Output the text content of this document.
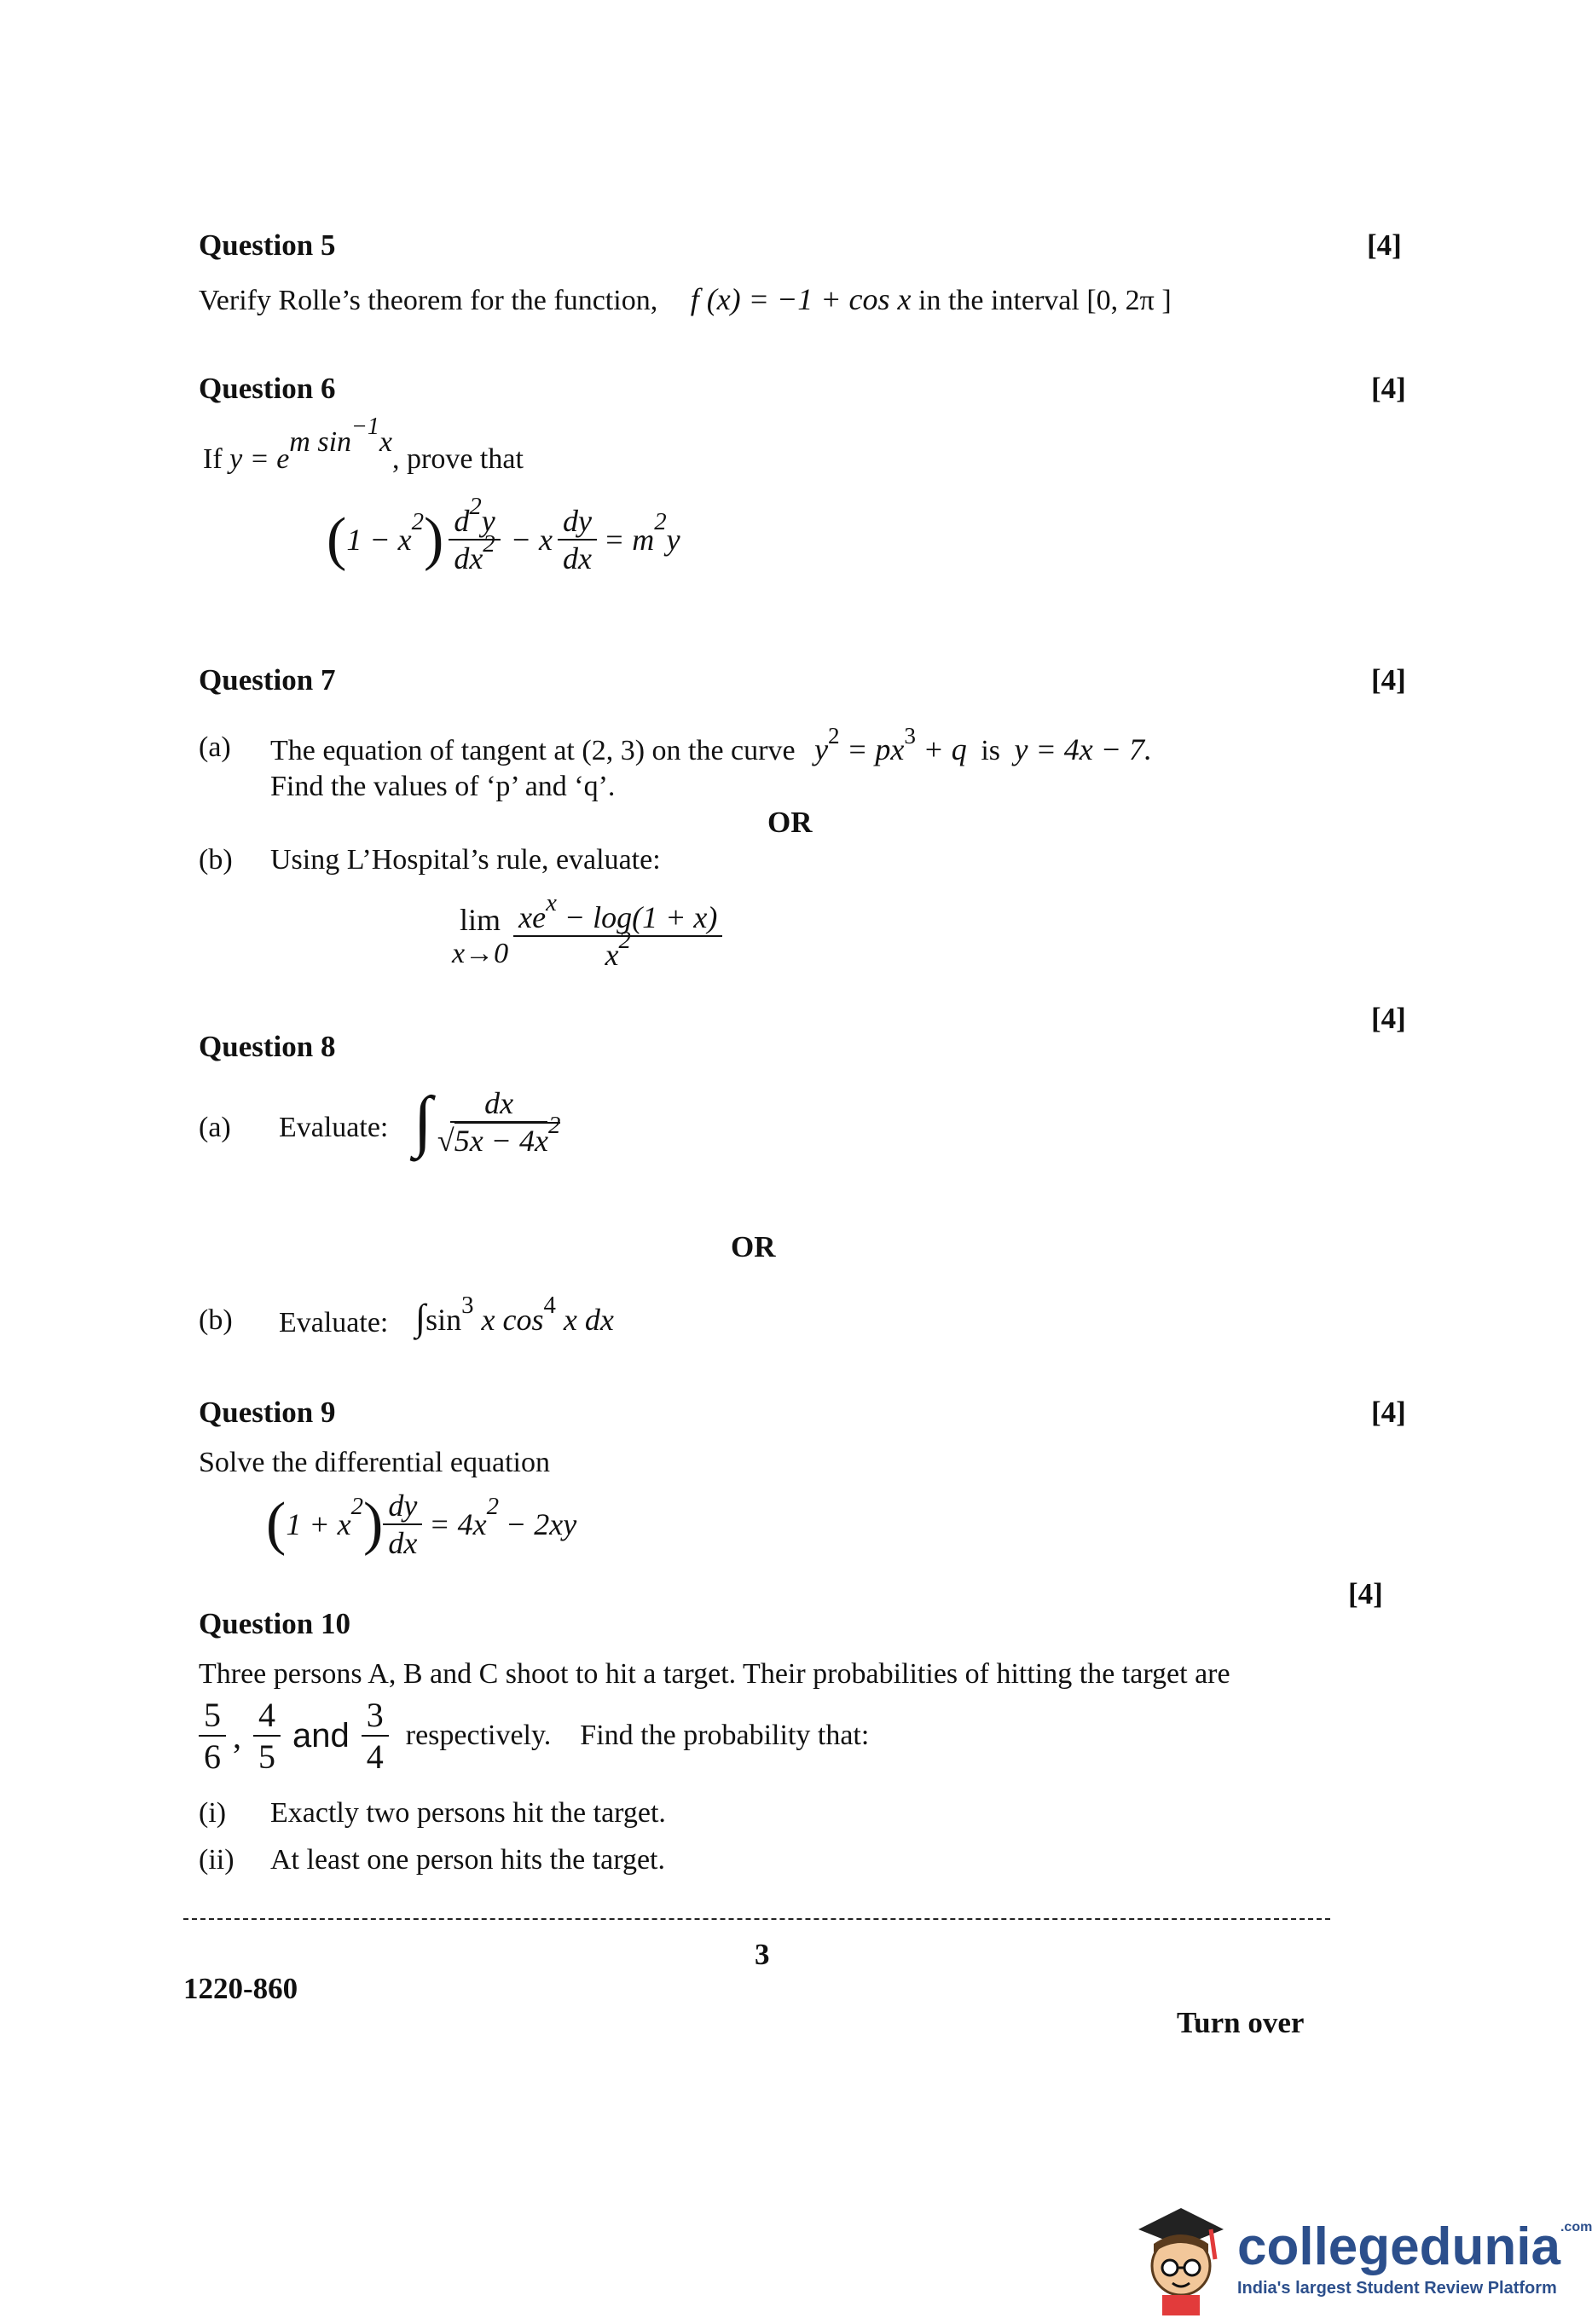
Question 5	[4]
Verify Rolle’s theorem for the function, f (x) = −1 + cos x in the interval [0, 2π ]
Question 6	[4]
If y = em $\sin^{-1}x$, prove that
( 1 − x
2 ) $\frac{d^2y}{dx^2} - x \frac{dy}{dx} = m$
2
y
Question 7	[4]
(a) The equation of tangent at (2, 3) on the curve $y^2 = px^3 + q$ is y = 4x − 7.
Find the values of ‘p’ and ‘q’.
OR
(b) Using L’Hospital’s rule, evaluate:
lim
$x\to 0 \frac{xe^x - \log(1 + x)}{x^2}$
[4]
Question 8
(a) Evaluate: ∫ $\frac{dx}{√5x - 4x^2}$
OR
(b) Evaluate: $\int\sin^3$ x $\cos^4 x$ dx
Question 9	[4]
Solve the differential equation
( 1 + x
2 ) $\frac{dy}{dx} = 4x$
2
− 2xy
[4]
Question 10
Three persons A, B and C shoot to hit a target. Their probabilities of hitting the target are
$\frac{5}{6}$ , $\frac{4}{5}$ and $\frac{3}{4}$ respectively.    Find the probability that:
(i) Exactly two persons hit the target.
(ii) At least one person hits the target.
3
1220-860
Turn over
collegedunia$^{.com}$
India's largest Student Review Platform
